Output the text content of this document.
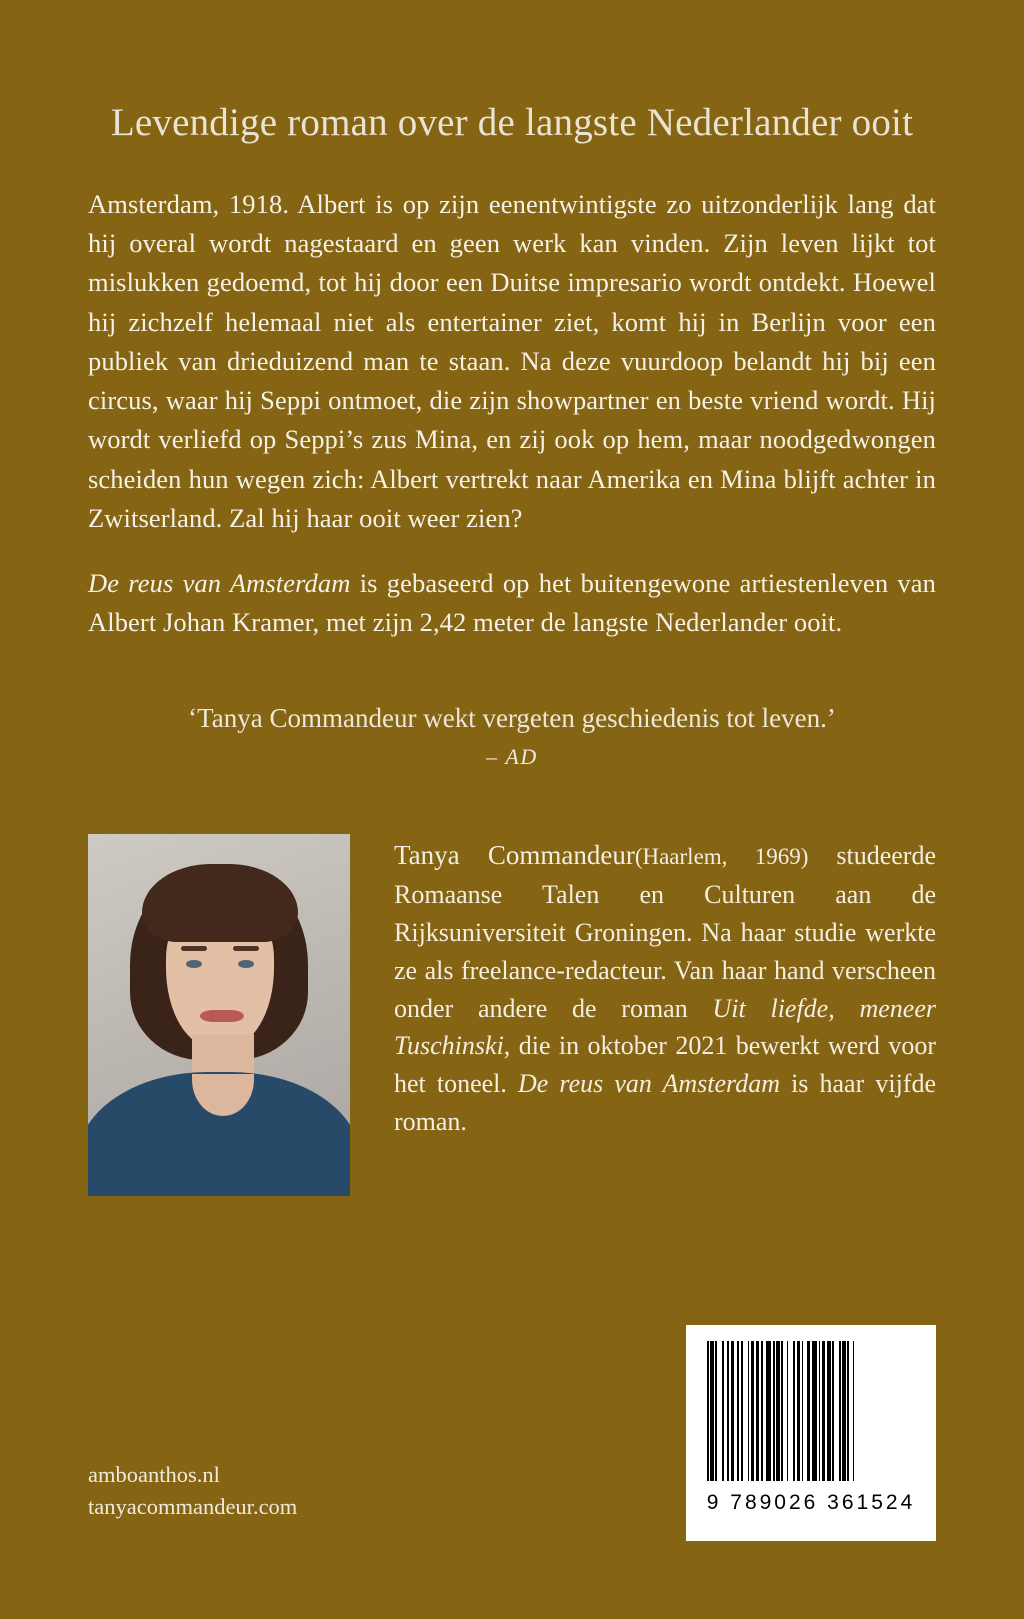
Levendige roman over de langste Nederlander ooit

Amsterdam, 1918. Albert is op zijn eenentwintigste zo uitzonderlijk lang dat hij overal wordt nagestaard en geen werk kan vinden. Zijn leven lijkt tot mislukken gedoemd, tot hij door een Duitse impresario wordt ontdekt. Hoewel hij zichzelf helemaal niet als entertainer ziet, komt hij in Berlijn voor een publiek van drieduizend man te staan. Na deze vuurdoop belandt hij bij een circus, waar hij Seppi ontmoet, die zijn showpartner en beste vriend wordt. Hij wordt verliefd op Seppi’s zus Mina, en zij ook op hem, maar noodgedwongen scheiden hun wegen zich: Albert vertrekt naar Amerika en Mina blijft achter in Zwitserland. Zal hij haar ooit weer zien?

De reus van Amsterdam is gebaseerd op het buitengewone artiestenleven van Albert Johan Kramer, met zijn 2,42 meter de langste Nederlander ooit.

‘Tanya Commandeur wekt vergeten geschiedenis tot leven.’

– AD

Tanya Commandeur(Haarlem, 1969) studeerde Romaanse Talen en Culturen aan de Rijksuniversiteit Groningen. Na haar studie werkte ze als freelance-redacteur. Van haar hand verscheen onder andere de roman Uit liefde, meneer Tuschinski, die in oktober 2021 bewerkt werd voor het toneel. De reus van Amsterdam is haar vijfde roman.

amboanthos.nl
tanyacommandeur.com	9 789026 361524
